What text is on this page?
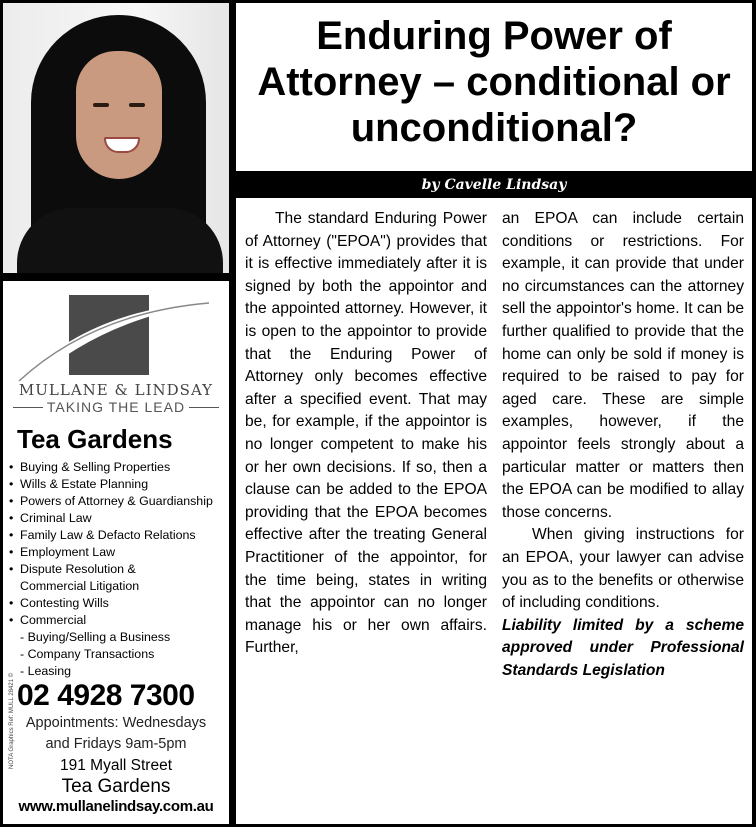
MULLANE & LINDSAY
TAKING THE LEAD
Tea Gardens
• Buying & Selling Properties
• Wills & Estate Planning
• Powers of Attorney & Guardianship
• Criminal Law
• Family Law & Defacto Relations
• Employment Law
• Dispute Resolution &
Commercial Litigation
• Contesting Wills
• Commercial
- Buying/Selling a Business
- Company Transactions
- Leasing
NOTA Graphics Ref: MULL 28421 © 02 4928 7300
Appointments: Wednesdays
and Fridays 9am-5pm
191 Myall Street
Tea Gardens
www.mullanelindsay.com.au
Enduring Power of Attorney – conditional or unconditional?
by Cavelle Lindsay

The standard Enduring Power of Attorney ("EPOA") provides that it is effective immediately after it is signed by both the appointor and the appointed attorney. However, it is open to the appointor to provide that the Enduring Power of Attorney only becomes effective after a specified event. That may be, for example, if the appointor is no longer competent to make his or her own decisions. If so, then a clause can be added to the EPOA providing that the EPOA becomes effective after the treating General Practitioner of the appointor, for the time being, states in writing that the appointor can no longer manage his or her own affairs. Further,

an EPOA can include certain conditions or restrictions. For example, it can provide that under no circumstances can the attorney sell the appointor's home. It can be further qualified to provide that the home can only be sold if money is required to be raised to pay for aged care. These are simple examples, however, if the appointor feels strongly about a particular matter or matters then the EPOA can be modified to allay those concerns.

When giving instructions for an EPOA, your lawyer can advise you as to the benefits or otherwise of including conditions.

Liability limited by a scheme approved under Professional Standards Legislation
